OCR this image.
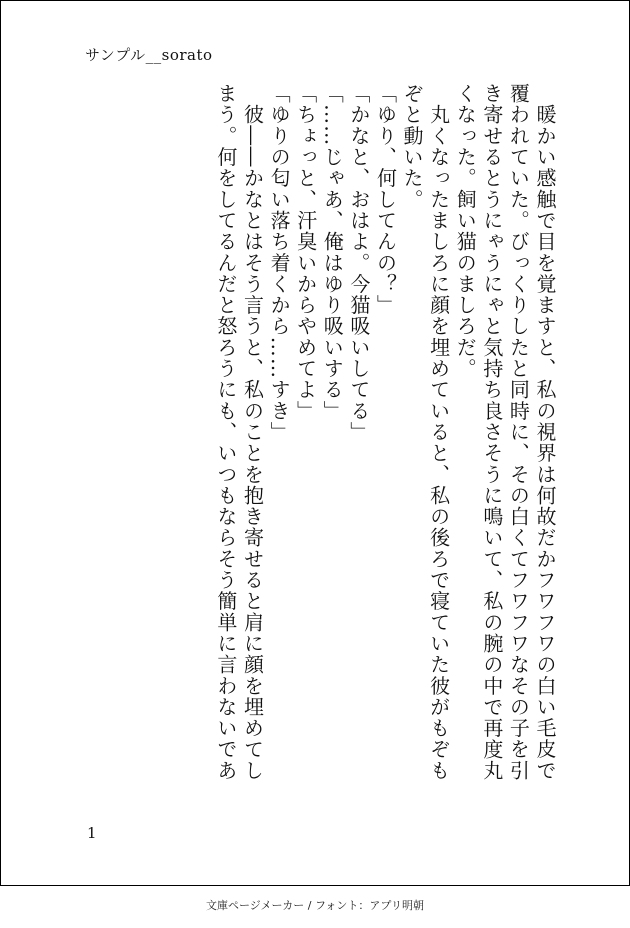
サンプル__sorato

　暖かい感触で目を覚ますと、私の視界は何故だかフワフワの白い毛皮で覆われていた。びっくりしたと同時に、その白くてフワフワなその子を引き寄せるとうにゃうにゃと気持ち良さそうに鳴いて、私の腕の中で再度丸くなった。飼い猫のましろだ。

　丸くなったましろに顔を埋めていると、私の後ろで寝ていた彼がもぞもぞと動いた。

「ゆり、何してんの？」

「かなと、おはよ。今猫吸いしてる」

「……じゃあ、俺はゆり吸いする」

「ちょっと、汗臭いからやめてよ」

「ゆりの匂い落ち着くから……すき」

　彼――かなとはそう言うと、私のことを抱き寄せると肩に顔を埋めてしまう。何をしてるんだと怒ろうにも、いつもならそう簡単に言わないであ

1
文庫ページメーカー / フォント：アプリ明朝
